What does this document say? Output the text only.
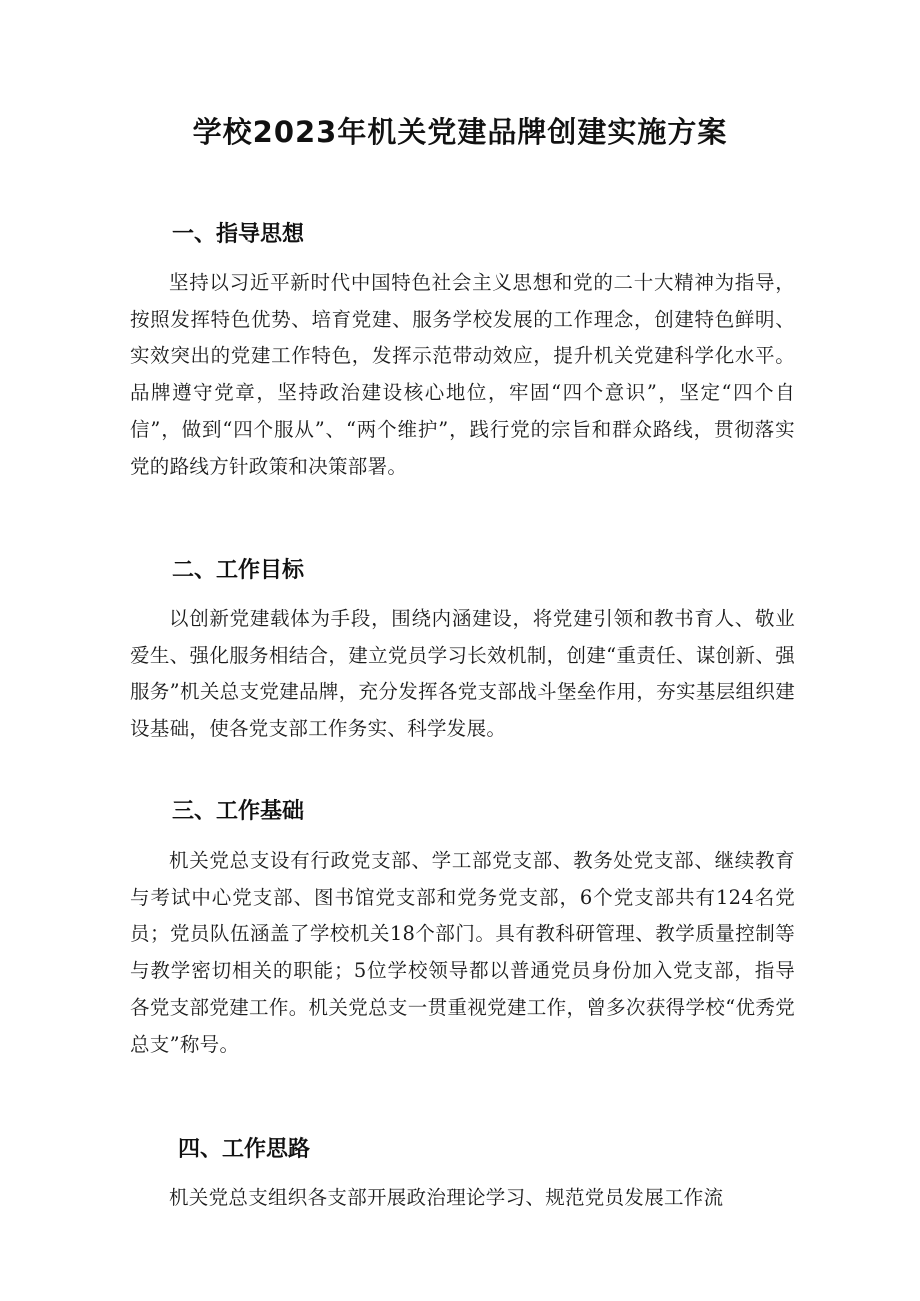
学校2023年机关党建品牌创建实施方案
一、指导思想
坚持以习近平新时代中国特色社会主义思想和党的二十大精神为指导，按照发挥特色优势、培育党建、服务学校发展的工作理念，创建特色鲜明、实效突出的党建工作特色，发挥示范带动效应，提升机关党建科学化水平。品牌遵守党章，坚持政治建设核心地位，牢固“四个意识”，坚定“四个自信”，做到“四个服从”、“两个维护”，践行党的宗旨和群众路线，贯彻落实党的路线方针政策和决策部署。
二、工作目标
以创新党建载体为手段，围绕内涵建设，将党建引领和教书育人、敬业爱生、强化服务相结合，建立党员学习长效机制，创建“重责任、谋创新、强服务”机关总支党建品牌，充分发挥各党支部战斗堡垒作用，夯实基层组织建设基础，使各党支部工作务实、科学发展。
三、工作基础
机关党总支设有行政党支部、学工部党支部、教务处党支部、继续教育与考试中心党支部、图书馆党支部和党务党支部，6个党支部共有124名党员；党员队伍涵盖了学校机关18个部门。具有教科研管理、教学质量控制等与教学密切相关的职能；5位学校领导都以普通党员身份加入党支部，指导各党支部党建工作。机关党总支一贯重视党建工作，曾多次获得学校“优秀党总支”称号。
四、工作思路
机关党总支组织各支部开展政治理论学习、规范党员发展工作流
